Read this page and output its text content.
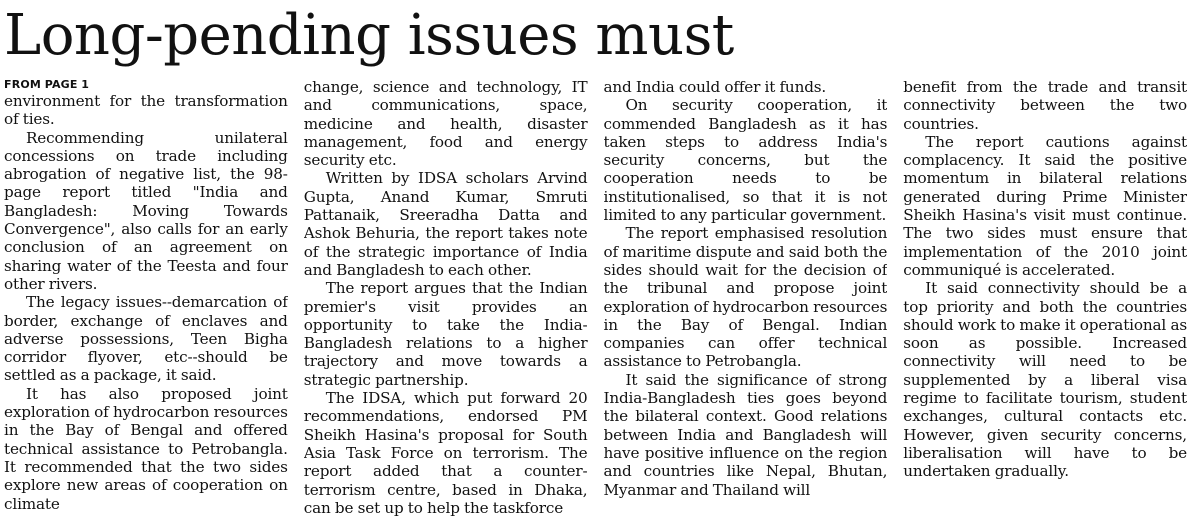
Long-pending issues must
FROM PAGE 1

environment for the transformation of ties.

Recommending unilateral concessions on trade including abrogation of negative list, the 98-page report titled "India and Bangladesh: Moving Towards Convergence", also calls for an early conclusion of an agreement on sharing water of the Teesta and four other rivers.

The legacy issues--demarcation of border, exchange of enclaves and adverse possessions, Teen Bigha corridor flyover, etc--should be settled as a package, it said.

It has also proposed joint exploration of hydrocarbon resources in the Bay of Bengal and offered technical assistance to Petrobangla. It recommended that the two sides explore new areas of cooperation on climate

change, science and technology, IT and communications, space, medicine and health, disaster management, food and energy security etc.

Written by IDSA scholars Arvind Gupta, Anand Kumar, Smruti Pattanaik, Sreeradha Datta and Ashok Behuria, the report takes note of the strategic importance of India and Bangladesh to each other.

The report argues that the Indian premier's visit provides an opportunity to take the India-Bangladesh relations to a higher trajectory and move towards a strategic partnership.

The IDSA, which put forward 20 recommendations, endorsed PM Sheikh Hasina's proposal for South Asia Task Force on terrorism. The report added that a counter-terrorism centre, based in Dhaka, can be set up to help the taskforce

and India could offer it funds.

On security cooperation, it commended Bangladesh as it has taken steps to address India's security concerns, but the cooperation needs to be institutionalised, so that it is not limited to any particular government.

The report emphasised resolution of maritime dispute and said both the sides should wait for the decision of the tribunal and propose joint exploration of hydrocarbon resources in the Bay of Bengal. Indian companies can offer technical assistance to Petrobangla.

It said the significance of strong India-Bangladesh ties goes beyond the bilateral context. Good relations between India and Bangladesh will have positive influence on the region and countries like Nepal, Bhutan, Myanmar and Thailand will

benefit from the trade and transit connectivity between the two countries.

The report cautions against complacency. It said the positive momentum in bilateral relations generated during Prime Minister Sheikh Hasina's visit must continue. The two sides must ensure that implementation of the 2010 joint communiqué is accelerated.

It said connectivity should be a top priority and both the countries should work to make it operational as soon as possible. Increased connectivity will need to be supplemented by a liberal visa regime to facilitate tourism, student exchanges, cultural contacts etc. However, given security concerns, liberalisation will have to be undertaken gradually.
